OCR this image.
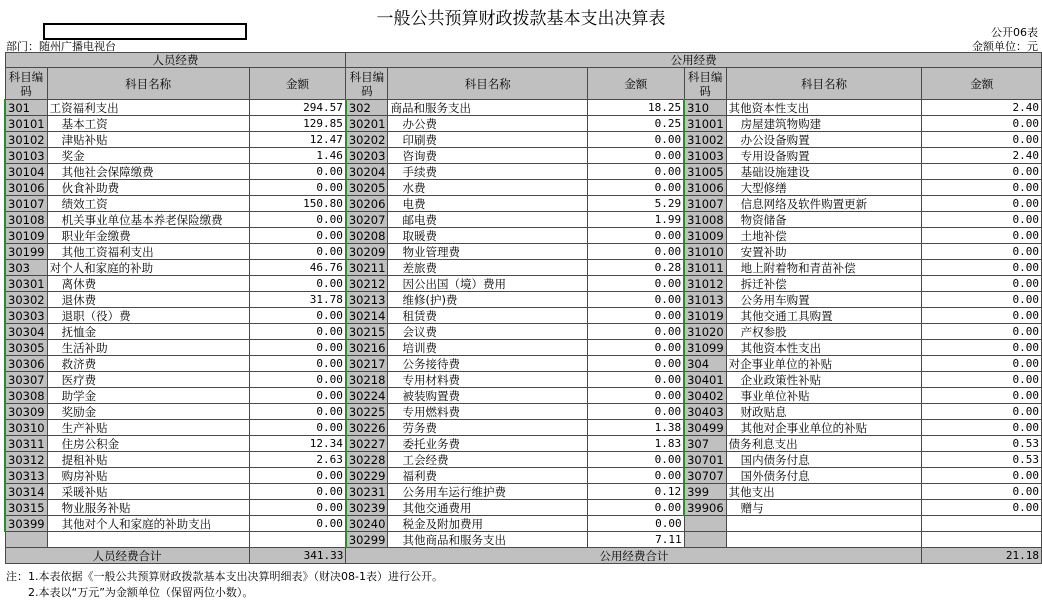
一般公共预算财政拨款基本支出决算表
部门：随州广播电视台
公开06表
金额单位：元
人员经费			公用经费					
科目编码	科目名称	金额	科目编码	科目名称	金额	科目编码	科目名称	金额
301	工资福利支出	294.57	302	商品和服务支出	18.25	310	其他资本性支出	2.40
30101	基本工资	129.85	30201	办公费	0.25	31001	房屋建筑物购建	0.00
30102	津贴补贴	12.47	30202	印刷费	0.00	31002	办公设备购置	0.00
30103	奖金	1.46	30203	咨询费	0.00	31003	专用设备购置	2.40
30104	其他社会保障缴费	0.00	30204	手续费	0.00	31005	基础设施建设	0.00
30106	伙食补助费	0.00	30205	水费	0.00	31006	大型修缮	0.00
30107	绩效工资	150.80	30206	电费	5.29	31007	信息网络及软件购置更新	0.00
30108	机关事业单位基本养老保险缴费	0.00	30207	邮电费	1.99	31008	物资储备	0.00
30109	职业年金缴费	0.00	30208	取暖费	0.00	31009	土地补偿	0.00
30199	其他工资福利支出	0.00	30209	物业管理费	0.00	31010	安置补助	0.00
303	对个人和家庭的补助	46.76	30211	差旅费	0.28	31011	地上附着物和青苗补偿	0.00
30301	离休费	0.00	30212	因公出国（境）费用	0.00	31012	拆迁补偿	0.00
30302	退休费	31.78	30213	维修(护)费	0.00	31013	公务用车购置	0.00
30303	退职（役）费	0.00	30214	租赁费	0.00	31019	其他交通工具购置	0.00
30304	抚恤金	0.00	30215	会议费	0.00	31020	产权参股	0.00
30305	生活补助	0.00	30216	培训费	0.00	31099	其他资本性支出	0.00
30306	救济费	0.00	30217	公务接待费	0.00	304	对企事业单位的补贴	0.00
30307	医疗费	0.00	30218	专用材料费	0.00	30401	企业政策性补贴	0.00
30308	助学金	0.00	30224	被装购置费	0.00	30402	事业单位补贴	0.00
30309	奖励金	0.00	30225	专用燃料费	0.00	30403	财政贴息	0.00
30310	生产补贴	0.00	30226	劳务费	1.38	30499	其他对企事业单位的补贴	0.00
30311	住房公积金	12.34	30227	委托业务费	1.83	307	债务利息支出	0.53
30312	提租补贴	2.63	30228	工会经费	0.00	30701	国内债务付息	0.53
30313	购房补贴	0.00	30229	福利费	0.00	30707	国外债务付息	0.00
30314	采暖补贴	0.00	30231	公务用车运行维护费	0.12	399	其他支出	0.00
30315	物业服务补贴	0.00	30239	其他交通费用	0.00	39906	赠与	0.00
30399	其他对个人和家庭的补助支出	0.00	30240	税金及附加费用	0.00			
			30299	其他商品和服务支出	7.11			
人员经费合计		341.33	公用经费合计					21.18
注：1.本表依据《一般公共预算财政拨款基本支出决算明细表》（财决08-1表）进行公开。
　　2.本表以“万元”为金额单位（保留两位小数）。
